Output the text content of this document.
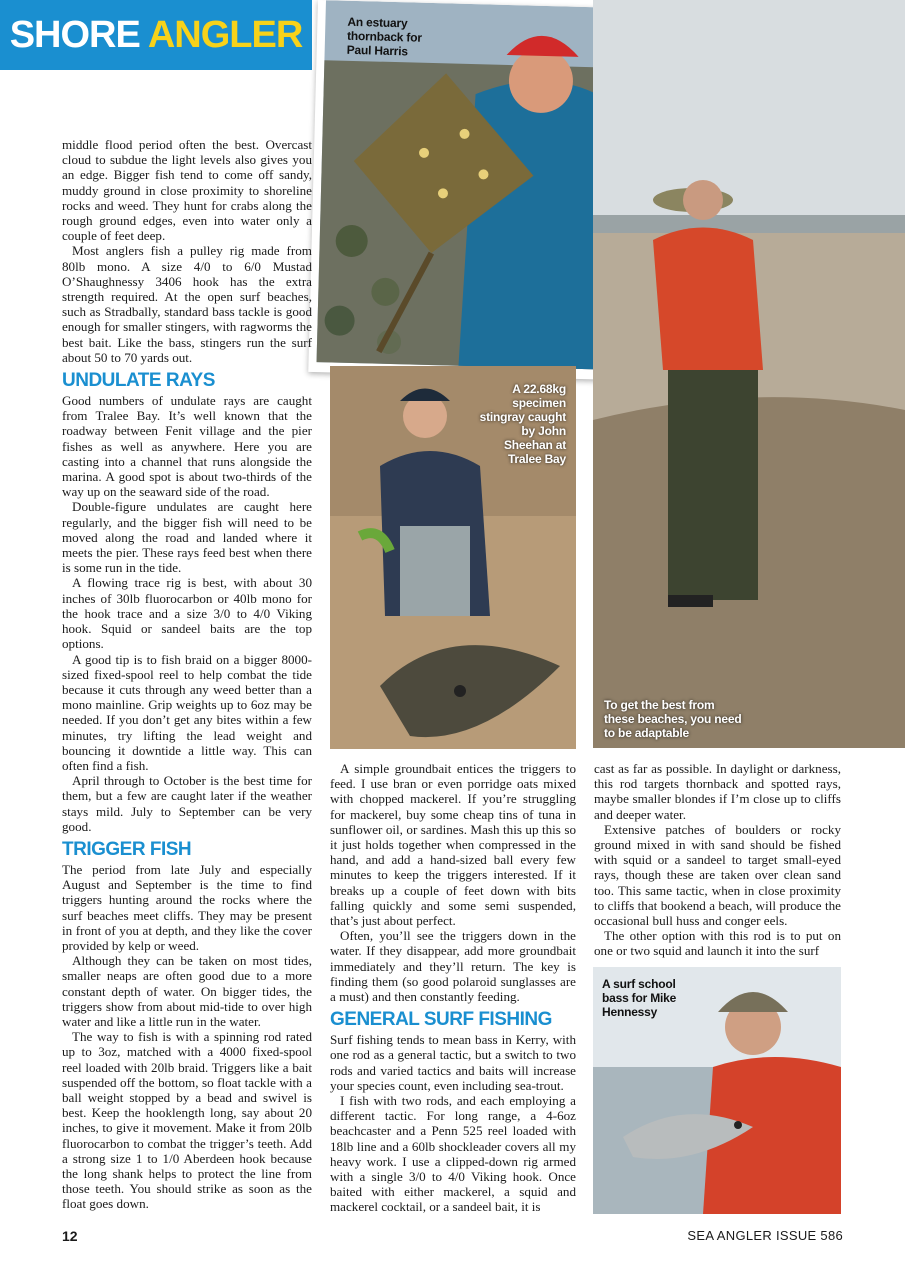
SHORE ANGLER	An estuary thornback for Paul Harris
To get the best from these beaches, you need to be adaptable
A 22.68kg specimen stingray caught by John Sheehan at Tralee Bay
A surf school bass for Mike Hennessy

middle flood period often the best. Overcast cloud to subdue the light levels also gives you an edge. Bigger fish tend to come off sandy, muddy ground in close proximity to shoreline rocks and weed. They hunt for crabs along the rough ground edges, even into water only a couple of feet deep.

Most anglers fish a pulley rig made from 80lb mono. A size 4/0 to 6/0 Mustad O’Shaughnessy 3406 hook has the extra strength required. At the open surf beaches, such as Stradbally, standard bass tackle is good enough for smaller stingers, with ragworms the best bait. Like the bass, stingers run the surf about 50 to 70 yards out.

UNDULATE RAYS

Good numbers of undulate rays are caught from Tralee Bay. It’s well known that the roadway between Fenit village and the pier fishes as well as anywhere. Here you are casting into a channel that runs alongside the marina. A good spot is about two-thirds of the way up on the seaward side of the road.

Double-figure undulates are caught here regularly, and the bigger fish will need to be moved along the road and landed where it meets the pier. These rays feed best when there is some run in the tide.

A flowing trace rig is best, with about 30 inches of 30lb fluorocarbon or 40lb mono for the hook trace and a size 3/0 to 4/0 Viking hook. Squid or sandeel baits are the top options.

A good tip is to fish braid on a bigger 8000-sized fixed-spool reel to help combat the tide because it cuts through any weed better than a mono mainline. Grip weights up to 6oz may be needed. If you don’t get any bites within a few minutes, try lifting the lead weight and bouncing it downtide a little way. This can often find a fish.

April through to October is the best time for them, but a few are caught later if the weather stays mild. July to September can be very good.

TRIGGER FISH

The period from late July and especially August and September is the time to find triggers hunting around the rocks where the surf beaches meet cliffs. They may be present in front of you at depth, and they like the cover provided by kelp or weed.

Although they can be taken on most tides, smaller neaps are often good due to a more constant depth of water. On bigger tides, the triggers show from about mid-tide to over high water and like a little run in the water.

The way to fish is with a spinning rod rated up to 3oz, matched with a 4000 fixed-spool reel loaded with 20lb braid. Triggers like a bait suspended off the bottom, so float tackle with a ball weight stopped by a bead and swivel is best. Keep the hooklength long, say about 20 inches, to give it movement. Make it from 20lb fluorocarbon to combat the trigger’s teeth. Add a strong size 1 to 1/0 Aberdeen hook because the long shank helps to protect the line from those teeth. You should strike as soon as the float goes down.

A simple groundbait entices the triggers to feed. I use bran or even porridge oats mixed with chopped mackerel. If you’re struggling for mackerel, buy some cheap tins of tuna in sunflower oil, or sardines. Mash this up this so it just holds together when compressed in the hand, and add a hand-sized ball every few minutes to keep the triggers interested. If it breaks up a couple of feet down with bits falling quickly and some semi suspended, that’s just about perfect.

Often, you’ll see the triggers down in the water. If they disappear, add more groundbait immediately and they’ll return. The key is finding them (so good polaroid sunglasses are a must) and then constantly feeding.

GENERAL SURF FISHING

Surf fishing tends to mean bass in Kerry, with one rod as a general tactic, but a switch to two rods and varied tactics and baits will increase your species count, even including sea-trout.

I fish with two rods, and each employing a different tactic. For long range, a 4-6oz beachcaster and a Penn 525 reel loaded with 18lb line and a 60lb shockleader covers all my heavy work. I use a clipped-down rig armed with a single 3/0 to 4/0 Viking hook. Once baited with either mackerel, a squid and mackerel cocktail, or a sandeel bait, it is

cast as far as possible. In daylight or darkness, this rod targets thornback and spotted rays, maybe smaller blondes if I’m close up to cliffs and deeper water.

Extensive patches of boulders or rocky ground mixed in with sand should be fished with squid or a sandeel to target small-eyed rays, though these are taken over clean sand too. This same tactic, when in close proximity to cliffs that bookend a beach, will produce the occasional bull huss and conger eels.

The other option with this rod is to put on one or two squid and launch it into the surf

12	SEA ANGLER ISSUE 586
